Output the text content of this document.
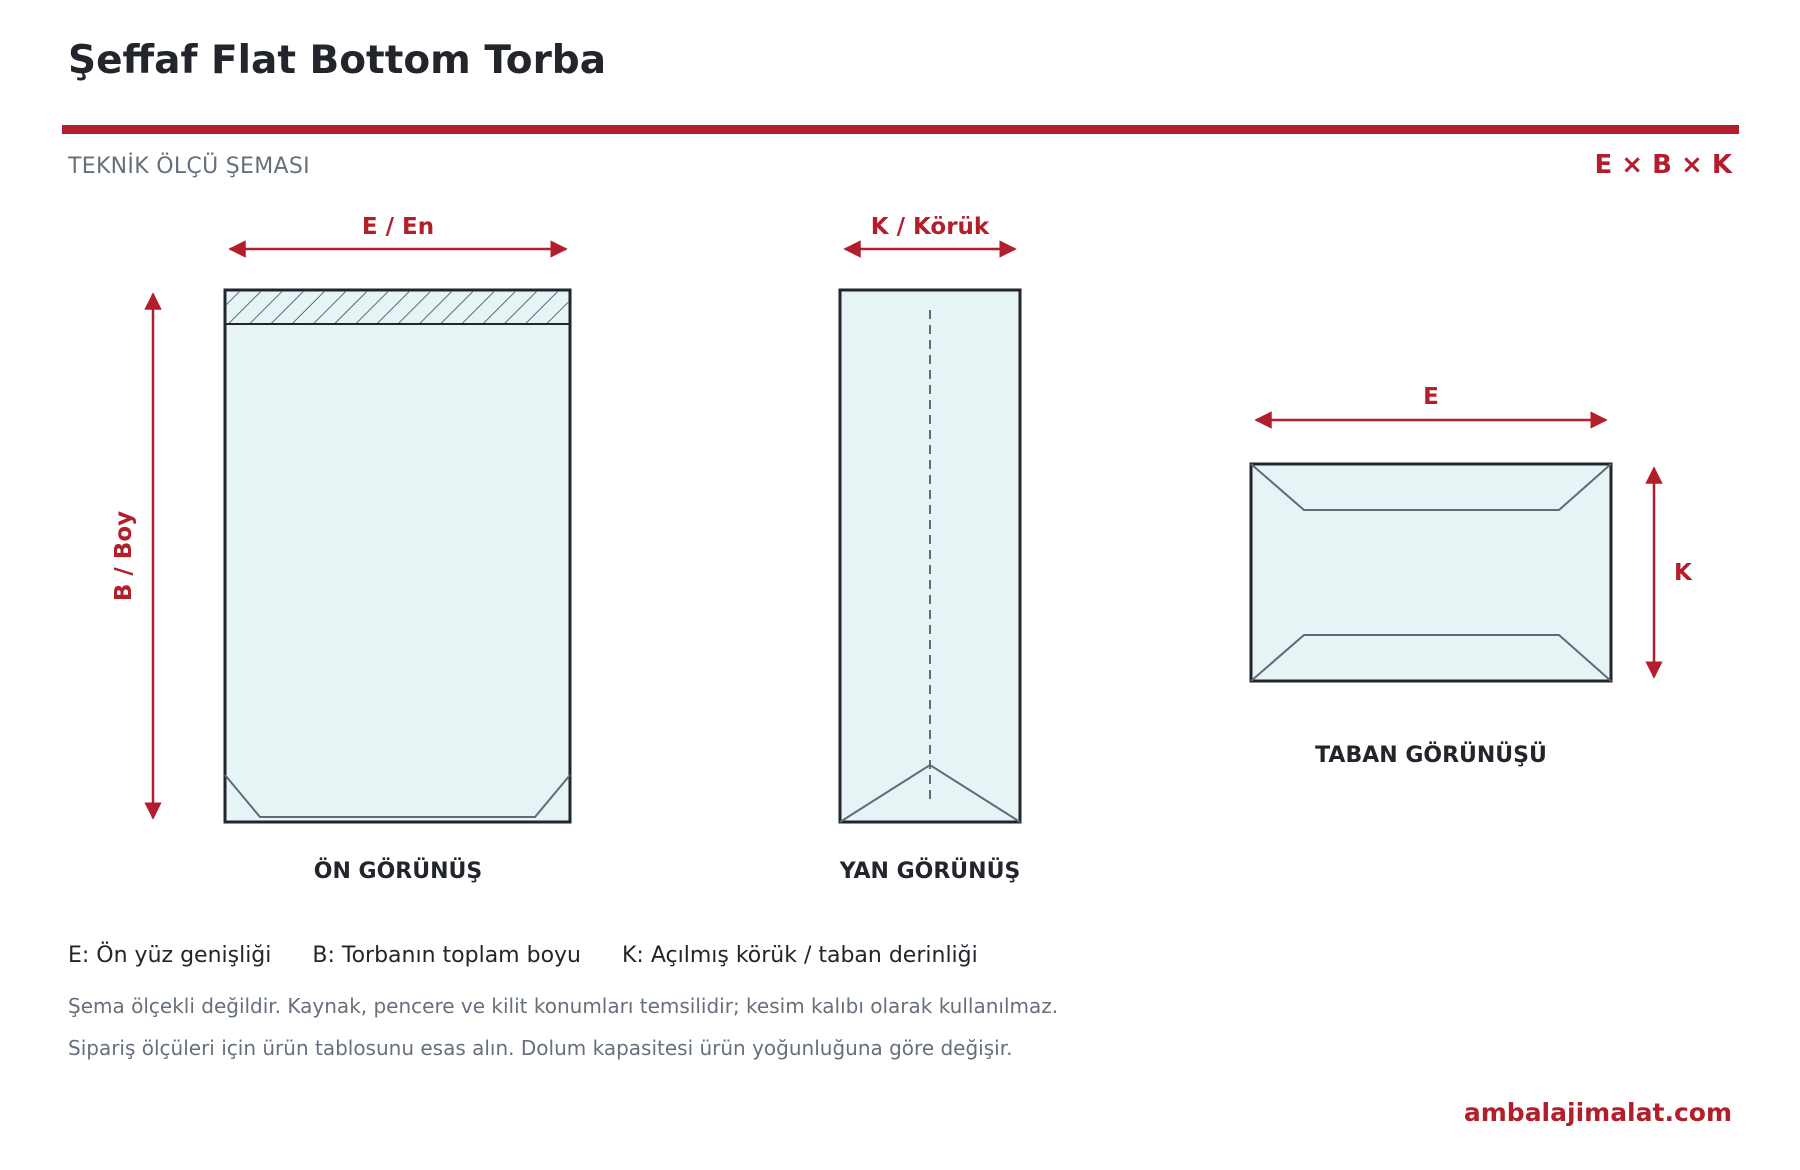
Şeffaf Flat Bottom Torba
TEKNİK ÖLÇÜ ŞEMASI	E × B × K
E / En
B / Boy
ÖN GÖRÜNÜŞ
K / Körük
YAN GÖRÜNÜŞ
E
K
TABAN GÖRÜNÜŞÜ
E: Ön yüz genişliği B: Torbanın toplam boyu K: Açılmış körük / taban derinliği
Şema ölçekli değildir. Kaynak, pencere ve kilit konumları temsilidir; kesim kalıbı olarak kullanılmaz.
Sipariş ölçüleri için ürün tablosunu esas alın. Dolum kapasitesi ürün yoğunluğuna göre değişir.
ambalajimalat.com
